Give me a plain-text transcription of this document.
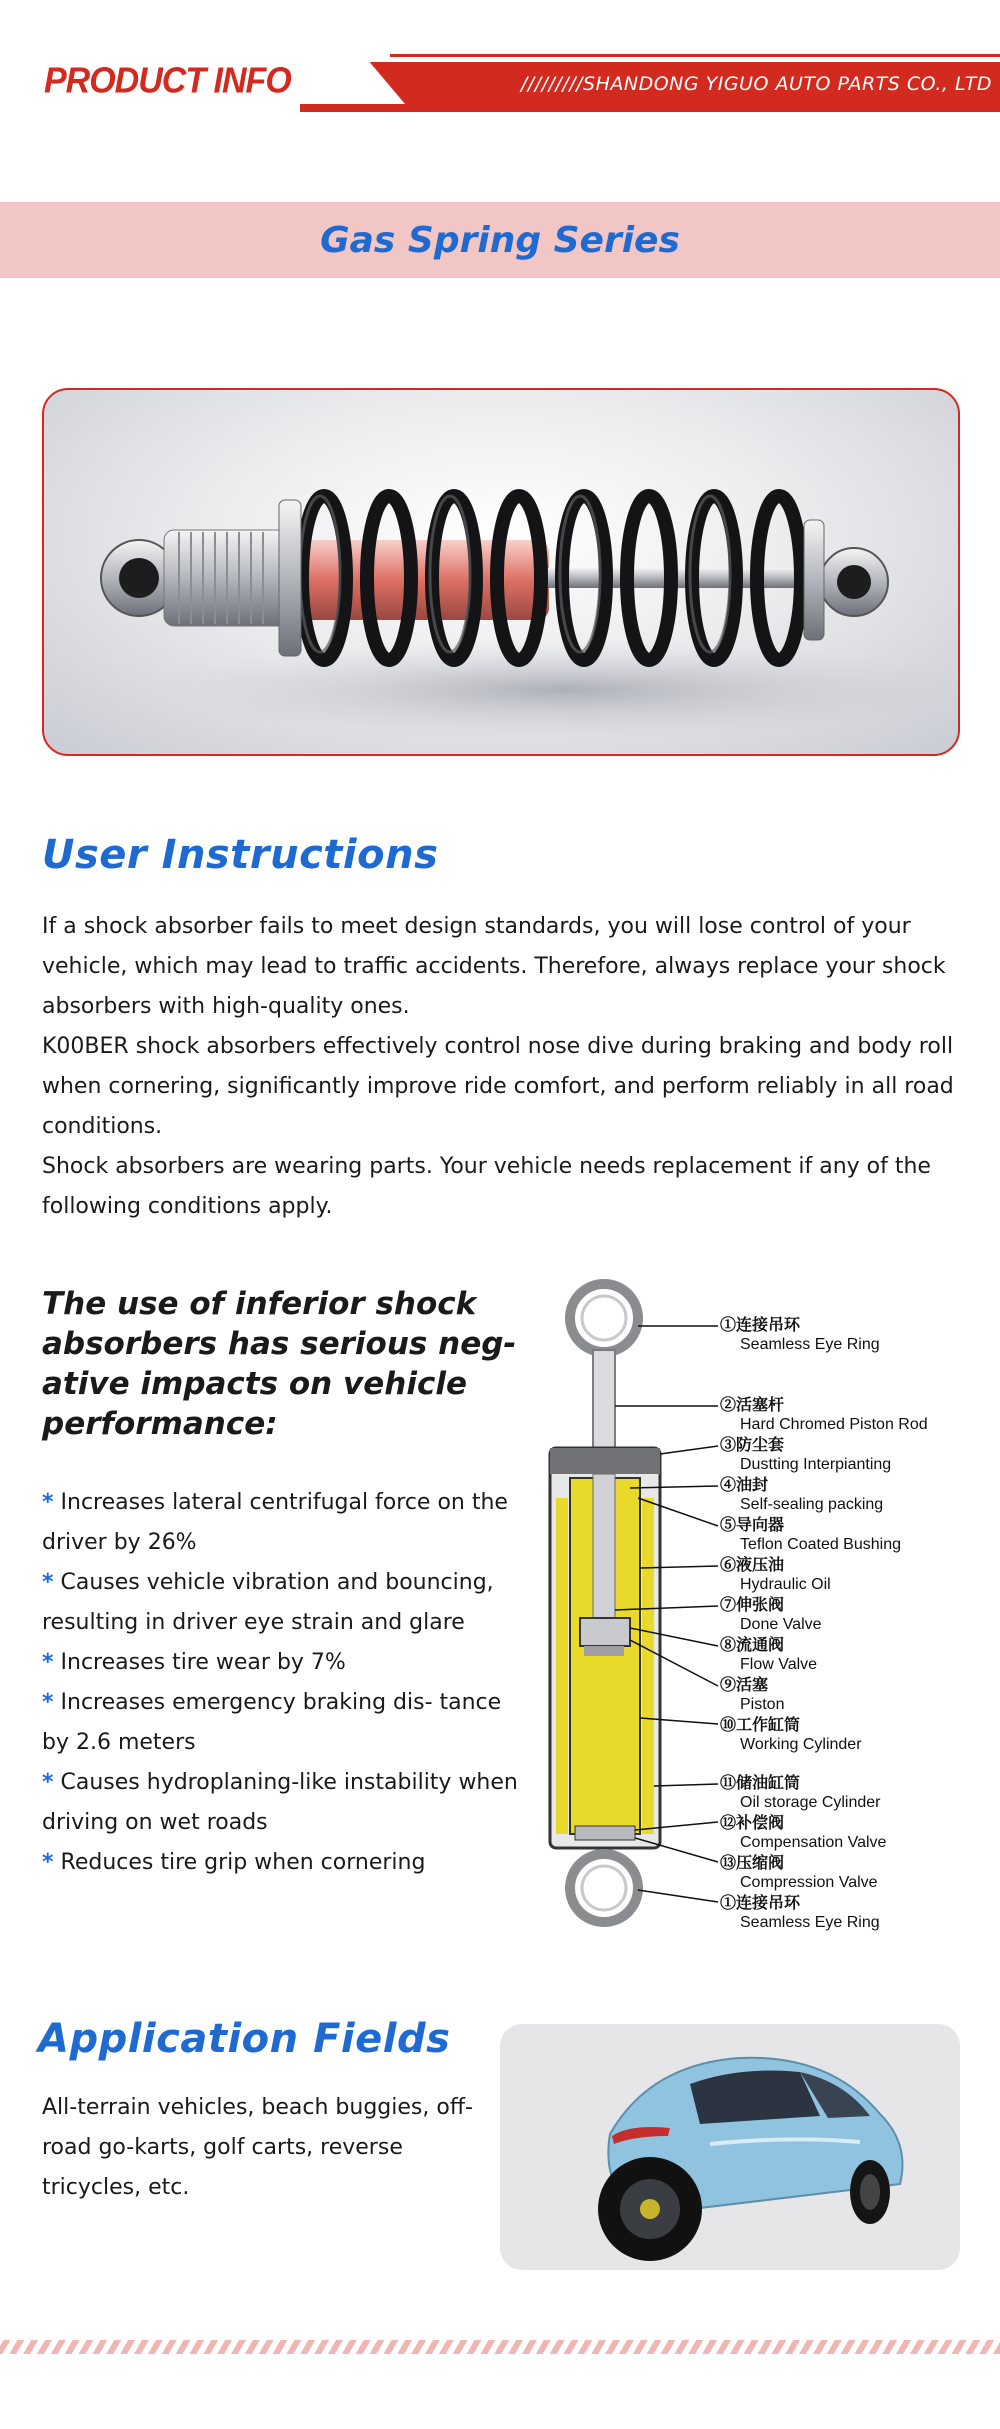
PRODUCT INFO	/////////SHANDONG YIGUO AUTO PARTS CO., LTD
Gas Spring Series
User Instructions
If a shock absorber fails to meet design standards, you will lose control of your vehicle, which may lead to traffic accidents. Therefore, always replace your shock absorbers with high-quality ones.
K00BER shock absorbers effectively control nose dive during braking and body roll when cornering, significantly improve ride comfort, and perform reliably in all road conditions.
Shock absorbers are wearing parts. Your vehicle needs replacement if any of the following conditions apply.
The use of inferior shock absorbers has serious neg- ative impacts on vehicle performance:
* Increases lateral centrifugal force on the driver by 26%
* Causes vehicle vibration and bouncing, resulting in driver eye strain and glare
* Increases tire wear by 7%
* Increases emergency braking dis- tance by 2.6 meters
* Causes hydroplaning-like instability when driving on wet roads
* Reduces tire grip when cornering
①连接吊环
Seamless Eye Ring
②活塞杆
Hard Chromed Piston Rod
③防尘套
Dustting Interpianting
④油封
Self-sealing packing
⑤导向器
Teflon Coated Bushing
⑥液压油
Hydraulic Oil
⑦伸张阀
Done Valve
⑧流通阀
Flow Valve
⑨活塞
Piston
⑩工作缸筒
Working Cylinder
⑪储油缸筒
Oil storage Cylinder
⑫补偿阀
Compensation Valve
⑬压缩阀
Compression Valve
①连接吊环
Seamless Eye Ring
Application Fields
All-terrain vehicles, beach buggies, off-road go-karts, golf carts, reverse tricycles, etc.
